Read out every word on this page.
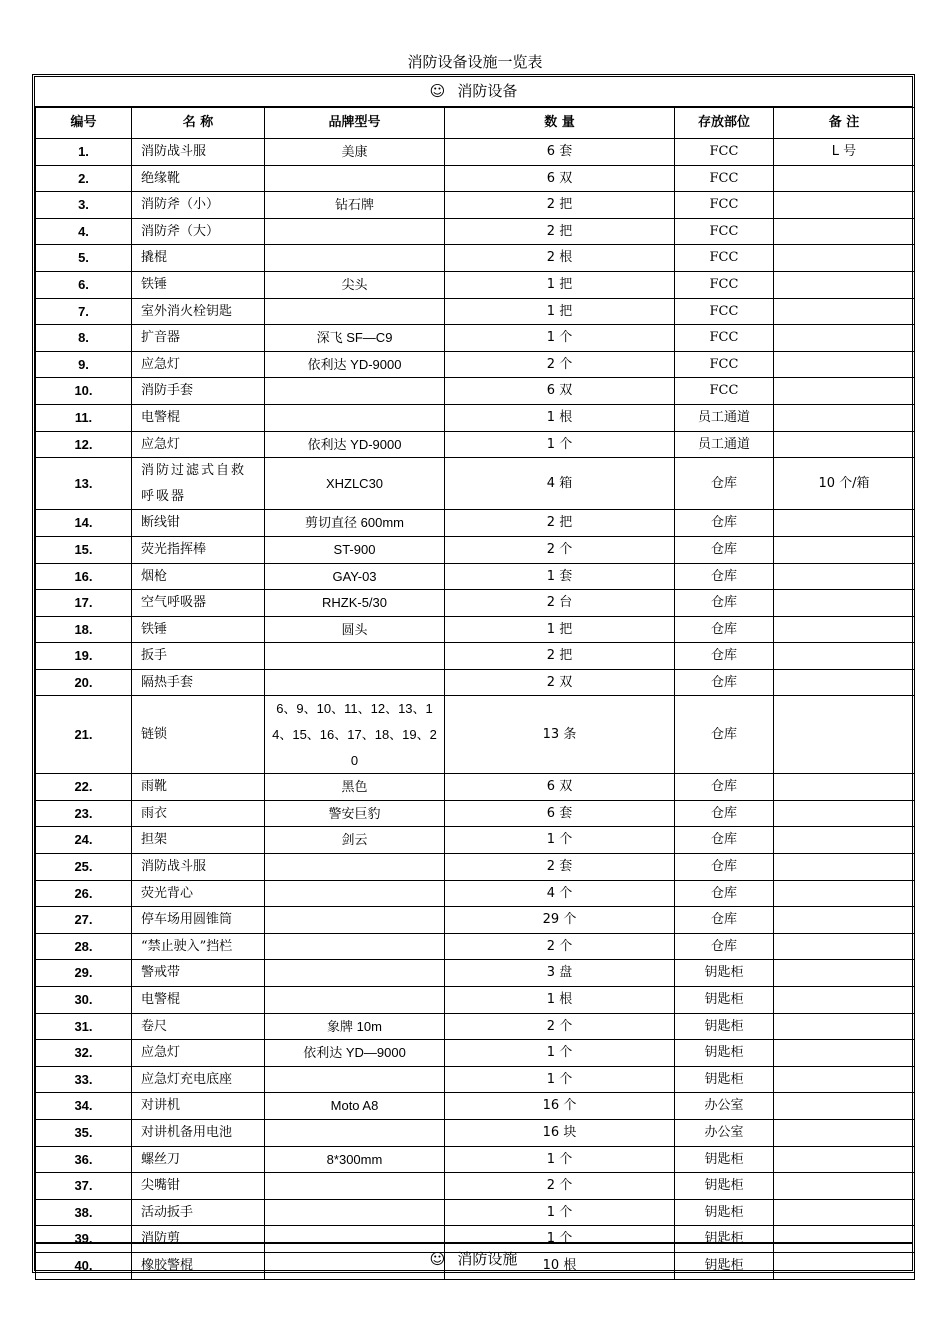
消防设备设施一览表
☺ 消防设备
编号	名 称	品牌型号	数 量	存放部位	备 注
1.	消防战斗服	美康	6 套	FCC	L 号
2.	绝缘靴		6 双	FCC	
3.	消防斧（小）	钻石牌	2 把	FCC	
4.	消防斧（大）		2 把	FCC	
5.	撬棍		2 根	FCC	
6.	铁锤	尖头	1 把	FCC	
7.	室外消火栓钥匙		1 把	FCC	
8.	扩音器	深飞 SF—C9	1 个	FCC	
9.	应急灯	依利达 YD-9000	2 个	FCC	
10.	消防手套		6 双	FCC	
11.	电警棍		1 根	员工通道	
12.	应急灯	依利达 YD-9000	1 个	员工通道	
13.	消防过滤式自救呼吸器	XHZLC30	4 箱	仓库	10 个/箱
14.	断线钳	剪切直径 600mm	2 把	仓库	
15.	荧光指挥棒	ST-900	2 个	仓库	
16.	烟枪	GAY-03	1 套	仓库	
17.	空气呼吸器	RHZK-5/30	2 台	仓库	
18.	铁锤	圆头	1 把	仓库	
19.	扳手		2 把	仓库	
20.	隔热手套		2 双	仓库	
21.	链锁	6、9、10、11、12、13、14、15、16、17、18、19、20	13 条	仓库	
22.	雨靴	黑色	6 双	仓库	
23.	雨衣	警安巨豹	6 套	仓库	
24.	担架	剑云	1 个	仓库	
25.	消防战斗服		2 套	仓库	
26.	荧光背心		4 个	仓库	
27.	停车场用圆锥筒		29 个	仓库	
28.	“禁止驶入”挡栏		2 个	仓库	
29.	警戒带		3 盘	钥匙柜	
30.	电警棍		1 根	钥匙柜	
31.	卷尺	象牌 10m	2 个	钥匙柜	
32.	应急灯	依利达 YD—9000	1 个	钥匙柜	
33.	应急灯充电底座		1 个	钥匙柜	
34.	对讲机	Moto A8	16 个	办公室	
35.	对讲机备用电池		16 块	办公室	
36.	螺丝刀	8*300mm	1 个	钥匙柜	
37.	尖嘴钳		2 个	钥匙柜	
38.	活动扳手		1 个	钥匙柜	
39.	消防剪		1 个	钥匙柜	
40.	橡胶警棍		10 根	钥匙柜	
☺ 消防设施
